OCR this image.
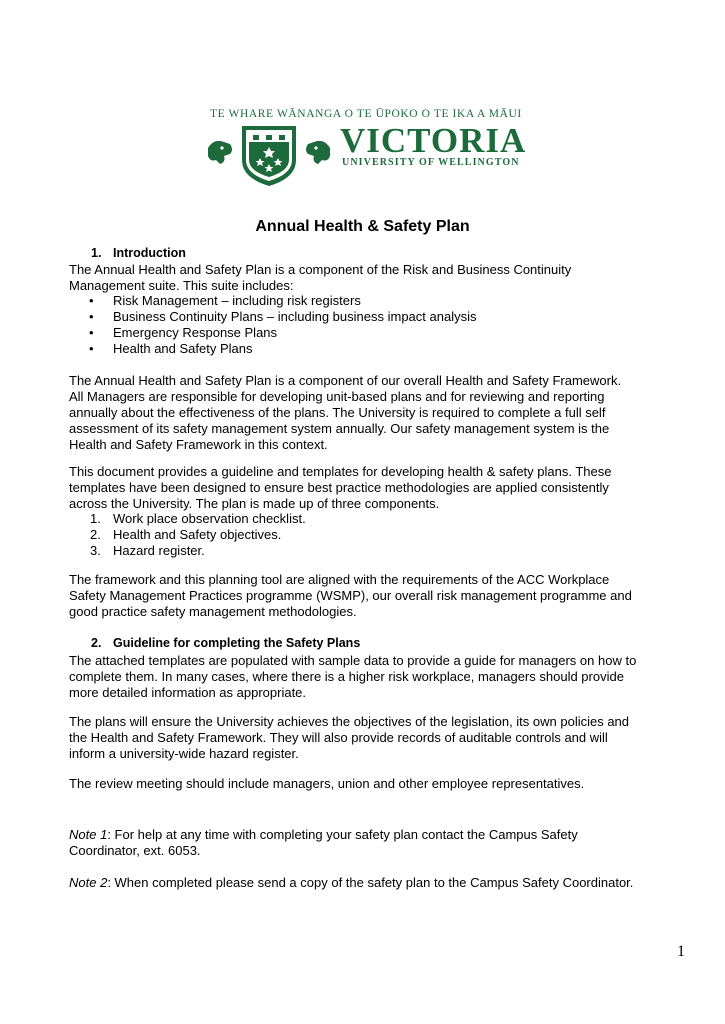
TE WHARE WĀNANGA O TE ŪPOKO O TE IKA A MĀUI
VICTORIA
UNIVERSITY OF WELLINGTON
Annual Health & Safety Plan
1. Introduction
The Annual Health and Safety Plan is a component of the Risk and Business Continuity
Management suite. This suite includes:
• Risk Management – including risk registers
• Business Continuity Plans – including business impact analysis
• Emergency Response Plans
• Health and Safety Plans
The Annual Health and Safety Plan is a component of our overall Health and Safety Framework.
All Managers are responsible for developing unit-based plans and for reviewing and reporting
annually about the effectiveness of the plans. The University is required to complete a full self
assessment of its safety management system annually. Our safety management system is the
Health and Safety Framework in this context.
This document provides a guideline and templates for developing health & safety plans. These
templates have been designed to ensure best practice methodologies are applied consistently
across the University. The plan is made up of three components.
1. Work place observation checklist.
2. Health and Safety objectives.
3. Hazard register.
The framework and this planning tool are aligned with the requirements of the ACC Workplace
Safety Management Practices programme (WSMP), our overall risk management programme and
good practice safety management methodologies.
2. Guideline for completing the Safety Plans
The attached templates are populated with sample data to provide a guide for managers on how to
complete them. In many cases, where there is a higher risk workplace, managers should provide
more detailed information as appropriate.
The plans will ensure the University achieves the objectives of the legislation, its own policies and
the Health and Safety Framework. They will also provide records of auditable controls and will
inform a university-wide hazard register.
The review meeting should include managers, union and other employee representatives.
Note 1: For help at any time with completing your safety plan contact the Campus Safety
Coordinator, ext. 6053.
Note 2: When completed please send a copy of the safety plan to the Campus Safety Coordinator.
1
